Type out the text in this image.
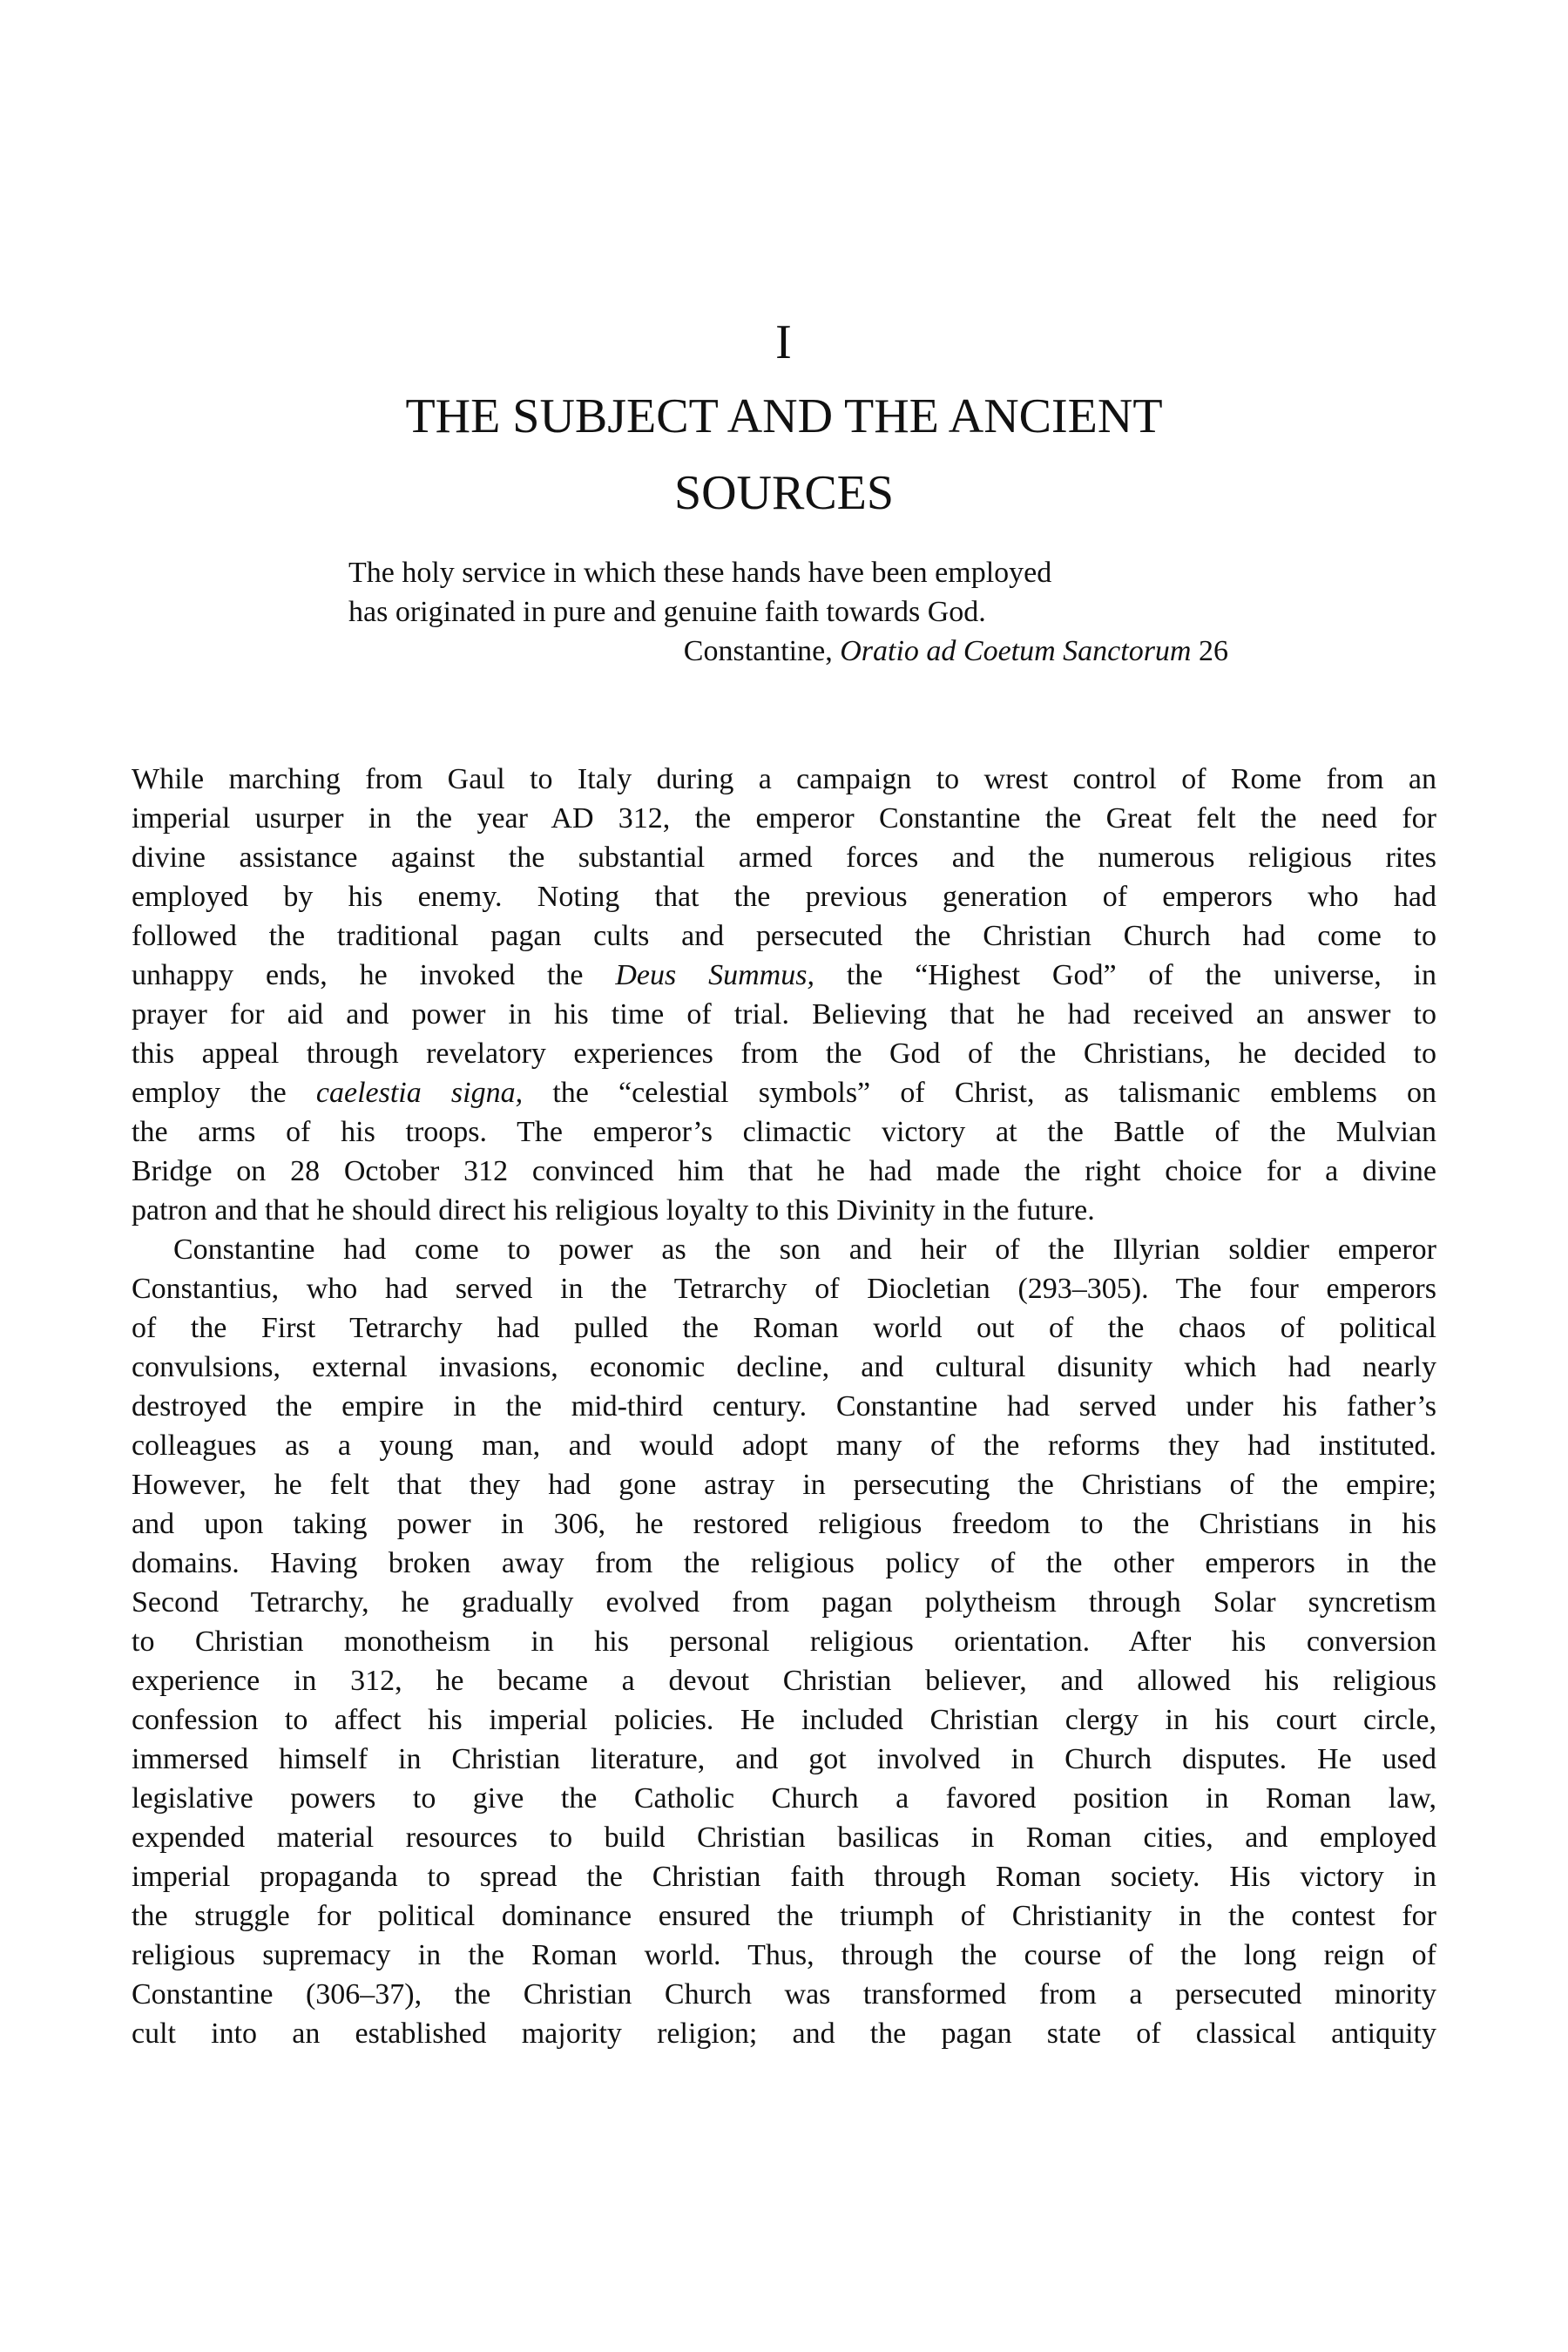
I
THE SUBJECT AND THE ANCIENT
SOURCES
The holy service in which these hands have been employed
has originated in pure and genuine faith towards God.
Constantine, Oratio ad Coetum Sanctorum 26
While marching from Gaul to Italy during a campaign to wrest control of Rome from an
imperial usurper in the year AD 312, the emperor Constantine the Great felt the need for
divine assistance against the substantial armed forces and the numerous religious rites
employed by his enemy. Noting that the previous generation of emperors who had
followed the traditional pagan cults and persecuted the Christian Church had come to
unhappy ends, he invoked the Deus Summus, the “Highest God” of the universe, in
prayer for aid and power in his time of trial. Believing that he had received an answer to
this appeal through revelatory experiences from the God of the Christians, he decided to
employ the caelestia signa, the “celestial symbols” of Christ, as talismanic emblems on
the arms of his troops. The emperor’s climactic victory at the Battle of the Mulvian
Bridge on 28 October 312 convinced him that he had made the right choice for a divine
patron and that he should direct his religious loyalty to this Divinity in the future.
Constantine had come to power as the son and heir of the Illyrian soldier emperor
Constantius, who had served in the Tetrarchy of Diocletian (293–305). The four emperors
of the First Tetrarchy had pulled the Roman world out of the chaos of political
convulsions, external invasions, economic decline, and cultural disunity which had nearly
destroyed the empire in the mid-third century. Constantine had served under his father’s
colleagues as a young man, and would adopt many of the reforms they had instituted.
However, he felt that they had gone astray in persecuting the Christians of the empire;
and upon taking power in 306, he restored religious freedom to the Christians in his
domains. Having broken away from the religious policy of the other emperors in the
Second Tetrarchy, he gradually evolved from pagan polytheism through Solar syncretism
to Christian monotheism in his personal religious orientation. After his conversion
experience in 312, he became a devout Christian believer, and allowed his religious
confession to affect his imperial policies. He included Christian clergy in his court circle,
immersed himself in Christian literature, and got involved in Church disputes. He used
legislative powers to give the Catholic Church a favored position in Roman law,
expended material resources to build Christian basilicas in Roman cities, and employed
imperial propaganda to spread the Christian faith through Roman society. His victory in
the struggle for political dominance ensured the triumph of Christianity in the contest for
religious supremacy in the Roman world. Thus, through the course of the long reign of
Constantine (306–37), the Christian Church was transformed from a persecuted minority
cult into an established majority religion; and the pagan state of classical antiquity
